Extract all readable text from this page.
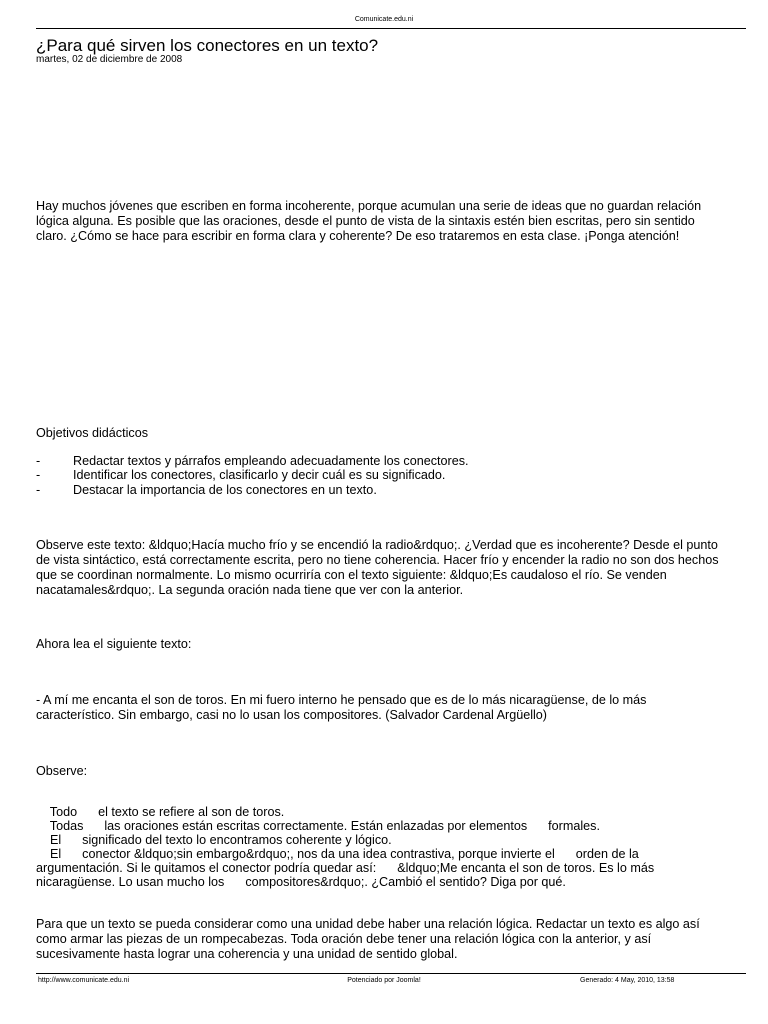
Comunicate.edu.ni
¿Para qué sirven los conectores en un texto?
martes, 02 de diciembre de 2008

Hay muchos jóvenes que escriben en forma incoherente, porque acumulan una serie de ideas que no guardan relación lógica alguna. Es posible que las oraciones, desde el punto de vista de la sintaxis estén bien escritas, pero sin sentido claro. ¿Cómo se hace para escribir en forma clara y coherente? De eso trataremos en esta clase. ¡Ponga atención!

Objetivos didácticos

-	Redactar textos y párrafos empleando adecuadamente los conectores.
-	Identificar los conectores, clasificarlo y decir cuál es su significado.
-	Destacar la importancia de los conectores en un texto.

Observe este texto: &ldquo;Hacía mucho frío y se encendió la radio&rdquo;. ¿Verdad que es incoherente? Desde el punto de vista sintáctico, está correctamente escrita, pero no tiene coherencia. Hacer frío y encender la radio no son dos hechos que se coordinan normalmente. Lo mismo ocurriría con el texto siguiente: &ldquo;Es caudaloso el río. Se venden nacatamales&rdquo;. La segunda oración nada tiene que ver con la anterior.

Ahora lea el siguiente texto:

- A mí me encanta el son de toros. En mi fuero interno he pensado que es de lo más nicaragüense, de lo más característico. Sin embargo, casi no lo usan los compositores. (Salvador Cardenal Argüello)

Observe:

Todo      el texto se refiere al son de toros.
Todas      las oraciones están escritas correctamente. Están enlazadas por elementos      formales.
El      significado del texto lo encontramos coherente y lógico.
El      conector &ldquo;sin embargo&rdquo;, nos da una idea contrastiva, porque invierte el      orden de la
argumentación. Si le quitamos el conector podría quedar así:      &ldquo;Me encanta el son de toros. Es lo más
nicaragüense. Lo usan mucho los      compositores&rdquo;. ¿Cambió el sentido? Diga por qué.

Para que un texto se pueda considerar como una unidad debe haber una relación lógica. Redactar un texto es algo así como armar las piezas de un rompecabezas. Toda oración debe tener una relación lógica con la anterior, y así sucesivamente hasta lograr una coherencia y una unidad de sentido global.

http://www.comunicate.edu.ni	Potenciado por Joomla!	Generado: 4 May, 2010, 13:58
